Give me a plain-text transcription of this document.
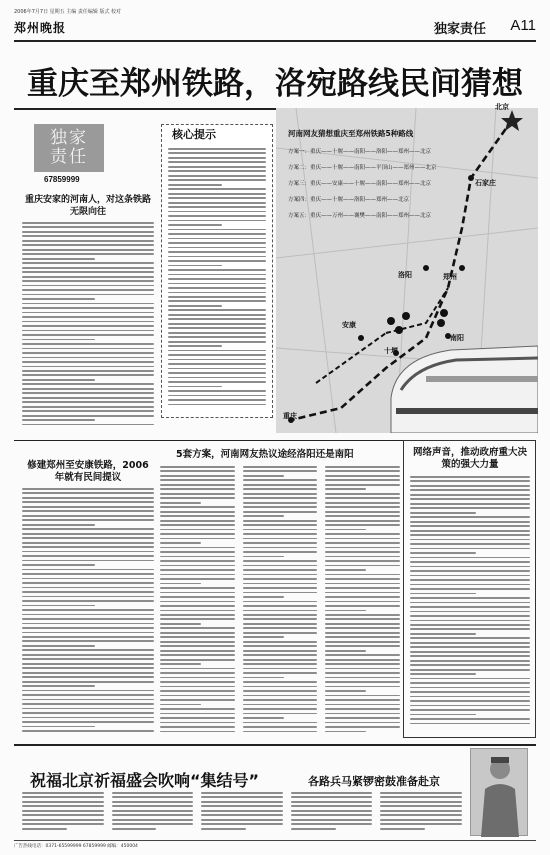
2006年7月7日 星期五 主编 责任编辑 版式 校对
郑州晚报	独家责任 A11
重庆至郑州铁路，洛宛路线民间猜想
独家责任
67859999
重庆安家的河南人，对这条铁路无限向往
核心提示	河南网友猜想重庆至郑州铁路5种路线
方案一：重庆——十堰——南阳——洛阳——郑州——北京
方案二：重庆——十堰——南阳——平顶山——郑州——北京
方案三：重庆——安康——十堰——南阳——郑州——北京
方案四：重庆——十堰——洛阳——郑州——北京
方案五：重庆——万州——襄樊——南阳——郑州——北京
北京
石家庄
洛阳	郑州
南阳
安康
十堰
重庆
修建郑州至安康铁路，2006年就有民间提议
5套方案，河南网友热议途经洛阳还是南阳	网络声音，推动政府重大决策的强大力量
祝福北京祈福盛会吹响“集结号”	各路兵马紧锣密鼓准备赴京
广告热线电话：0371-65599999 67859999 邮编：450004
